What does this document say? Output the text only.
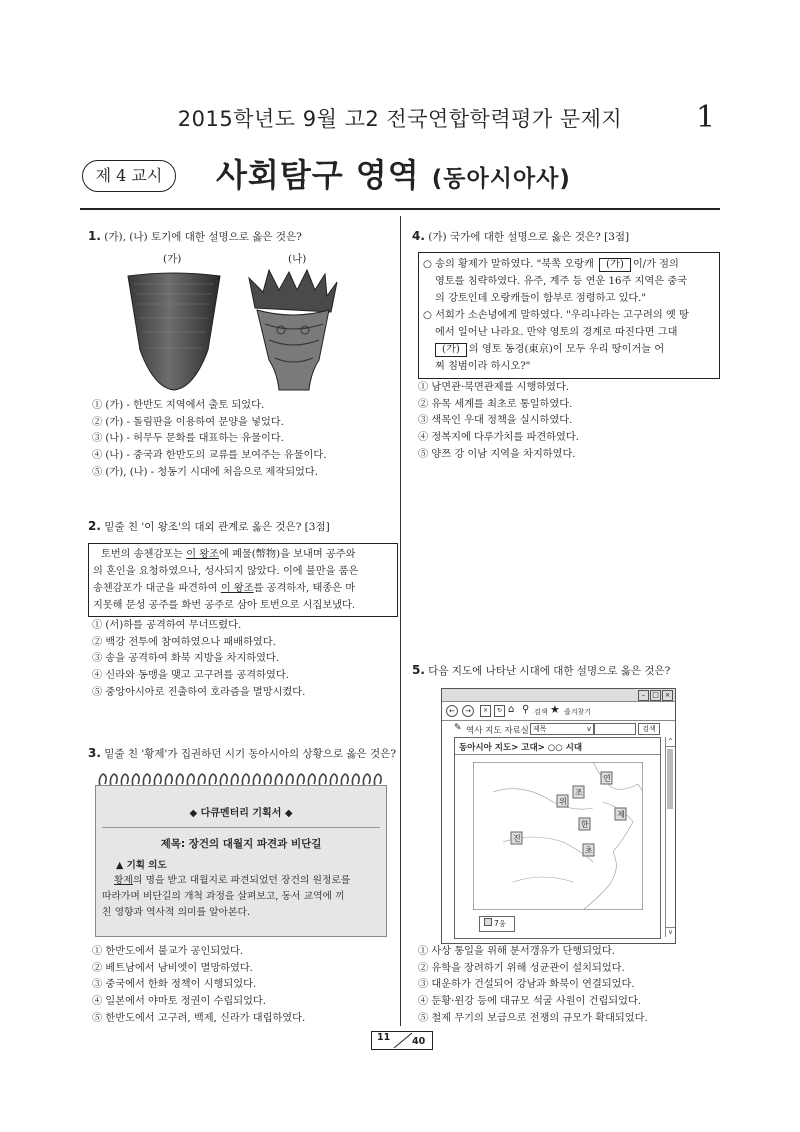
2015학년도 9월 고2 전국연합학력평가 문제지	1
제 4 교시	사회탐구 영역 (동아시아사)
1. (가), (나) 토기에 대한 설명으로 옳은 것은?
(가)	(나)
① (가) - 한반도 지역에서 출토 되었다.
② (가) - 돌림판을 이용하여 문양을 넣었다.
③ (나) - 허무두 문화를 대표하는 유물이다.
④ (나) - 중국과 한반도의 교류를 보여주는 유물이다.
⑤ (가), (나) - 청동기 시대에 처음으로 제작되었다.
2. 밑줄 친 '이 왕조'의 대외 관계로 옳은 것은? [3점]
토번의 송첸감포는 이 왕조에 폐물(幣物)을 보내며 공주와
의 혼인을 요청하였으나, 성사되지 않았다. 이에 불만을 품은
송첸감포가 대군을 파견하여 이 왕조를 공격하자, 태종은 마
지못해 문성 공주를 화번 공주로 삼아 토번으로 시집보냈다.
① (서)하를 공격하여 무너뜨렸다.
② 백강 전투에 참여하였으나 패배하였다.
③ 송을 공격하여 화북 지방을 차지하였다.
④ 신라와 동맹을 맺고 고구려를 공격하였다.
⑤ 중앙아시아로 진출하여 호라즘을 멸망시켰다.
3. 밑줄 친 '황제'가 집권하던 시기 동아시아의 상황으로 옳은 것은?
◆ 다큐멘터리 기획서 ◆
제목: 장건의 대월지 파견과 비단길
▲ 기획 의도
황제의 명을 받고 대월지로 파견되었던 장건의 원정로를
따라가며 비단길의 개척 과정을 살펴보고, 동서 교역에 끼
친 영향과 역사적 의미를 알아본다.
① 한반도에서 불교가 공인되었다.
② 베트남에서 남비엣이 멸망하였다.
③ 중국에서 한화 정책이 시행되었다.
④ 일본에서 야마토 정권이 수립되었다.
⑤ 한반도에서 고구려, 백제, 신라가 대립하였다.
4. (가) 국가에 대한 설명으로 옳은 것은? [3점]
○ 송의 황제가 말하였다. "북쪽 오랑캐 (가) 이/가 점의
영토를 침략하였다. 유주, 계주 등 연운 16주 지역은 중국
의 강토인데 오랑캐들이 함부로 점령하고 있다."
○ 서희가 소손녕에게 말하였다. "우리나라는 고구려의 옛 땅
에서 일어난 나라요. 만약 영토의 경계로 따진다면 그대
(가) 의 영토 동경(東京)이 모두 우리 땅이거늘 어
찌 침범이라 하시오?"
① 남면관·북면관제를 시행하였다.
② 유목 세계를 최초로 통일하였다.
③ 색목인 우대 정책을 실시하였다.
④ 정복지에 다루가치를 파견하였다.
⑤ 양쯔 강 이남 지역을 차지하였다.
5. 다음 지도에 나타난 시대에 대한 설명으로 옳은 것은?
– □ ×
←	→	×	↻ ⌂ ⚲ 검색 ★ 즐겨찾기
✎ 역사 지도 자료실 제목	v	검색
동아시아 지도> 고대> ○○ 시대
연
조
위
제
한
초
진
7웅
^
v
① 사상 통일을 위해 분서갱유가 단행되었다.
② 유학을 장려하기 위해 성균관이 설치되었다.
③ 대운하가 건설되어 강남과 화북이 연결되었다.
④ 둔황·윈강 등에 대규모 석굴 사원이 건립되었다.
⑤ 철제 무기의 보급으로 전쟁의 규모가 확대되었다.
11 40
